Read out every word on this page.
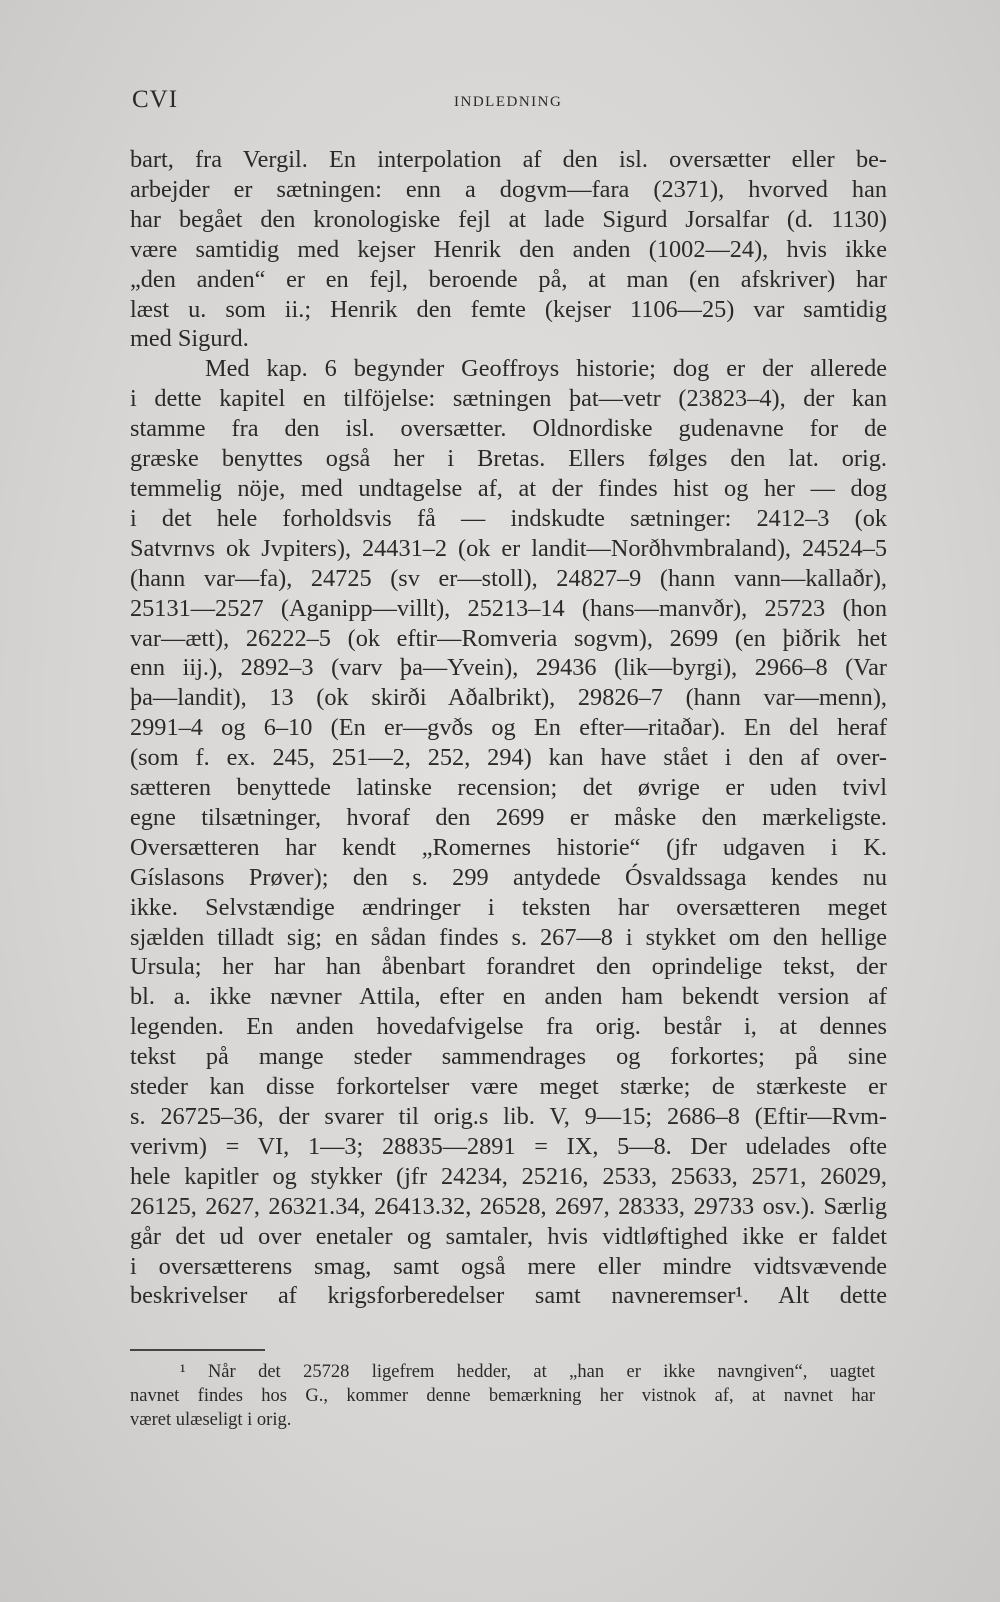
CVI	INDLEDNING
bart, fra Vergil. En interpolation af den isl. oversætter eller be-
arbejder er sætningen: enn a dogvm—fara (2371), hvorved han
har begået den kronologiske fejl at lade Sigurd Jorsalfar (d. 1130)
være samtidig med kejser Henrik den anden (1002—24), hvis ikke
„den anden“ er en fejl, beroende på, at man (en afskriver) har
læst u. som ii.; Henrik den femte (kejser 1106—25) var samtidig
med Sigurd.
Med kap. 6 begynder Geoffroys historie; dog er der allerede
i dette kapitel en tilföjelse: sætningen þat—vetr (23823–4), der kan
stamme fra den isl. oversætter. Oldnordiske gudenavne for de
græske benyttes også her i Bretas. Ellers følges den lat. orig.
temmelig nöje, med undtagelse af, at der findes hist og her — dog
i det hele forholdsvis få — indskudte sætninger: 2412–3 (ok
Satvrnvs ok Jvpiters), 24431–2 (ok er landit—Norðhvmbraland), 24524–5
(hann var—fa), 24725 (sv er—stoll), 24827–9 (hann vann—kallaðr),
25131—2527 (Aganipp—villt), 25213–14 (hans—manvðr), 25723 (hon
var—ætt), 26222–5 (ok eftir—Romveria sogvm), 2699 (en þiðrik het
enn iij.), 2892–3 (varv þa—Yvein), 29436 (lik—byrgi), 2966–8 (Var
þa—landit), 13 (ok skirði Aðalbrikt), 29826–7 (hann var—menn),
2991–4 og 6–10 (En er—gvðs og En efter—ritaðar). En del heraf
(som f. ex. 245, 251—2, 252, 294) kan have stået i den af over-
sætteren benyttede latinske recension; det øvrige er uden tvivl
egne tilsætninger, hvoraf den 2699 er måske den mærkeligste.
Oversætteren har kendt „Romernes historie“ (jfr udgaven i K.
Gíslasons Prøver); den s. 299 antydede Ósvaldssaga kendes nu
ikke. Selvstændige ændringer i teksten har oversætteren meget
sjælden tilladt sig; en sådan findes s. 267—8 i stykket om den hellige
Ursula; her har han åbenbart forandret den oprindelige tekst, der
bl. a. ikke nævner Attila, efter en anden ham bekendt version af
legenden. En anden hovedafvigelse fra orig. består i, at dennes
tekst på mange steder sammendrages og forkortes; på sine
steder kan disse forkortelser være meget stærke; de stærkeste er
s. 26725–36, der svarer til orig.s lib. V, 9—15; 2686–8 (Eftir—Rvm-
verivm) = VI, 1—3; 28835—2891 = IX, 5—8. Der udelades ofte
hele kapitler og stykker (jfr 24234, 25216, 2533, 25633, 2571, 26029,
26125, 2627, 26321.34, 26413.32, 26528, 2697, 28333, 29733 osv.). Særlig
går det ud over enetaler og samtaler, hvis vidtløftighed ikke er faldet
i oversætterens smag, samt også mere eller mindre vidtsvævende
beskrivelser af krigsforberedelser samt navneremser¹. Alt dette
¹ Når det 25728 ligefrem hedder, at „han er ikke navngiven“, uagtet
navnet findes hos G., kommer denne bemærkning her vistnok af, at navnet har
været ulæseligt i orig.
